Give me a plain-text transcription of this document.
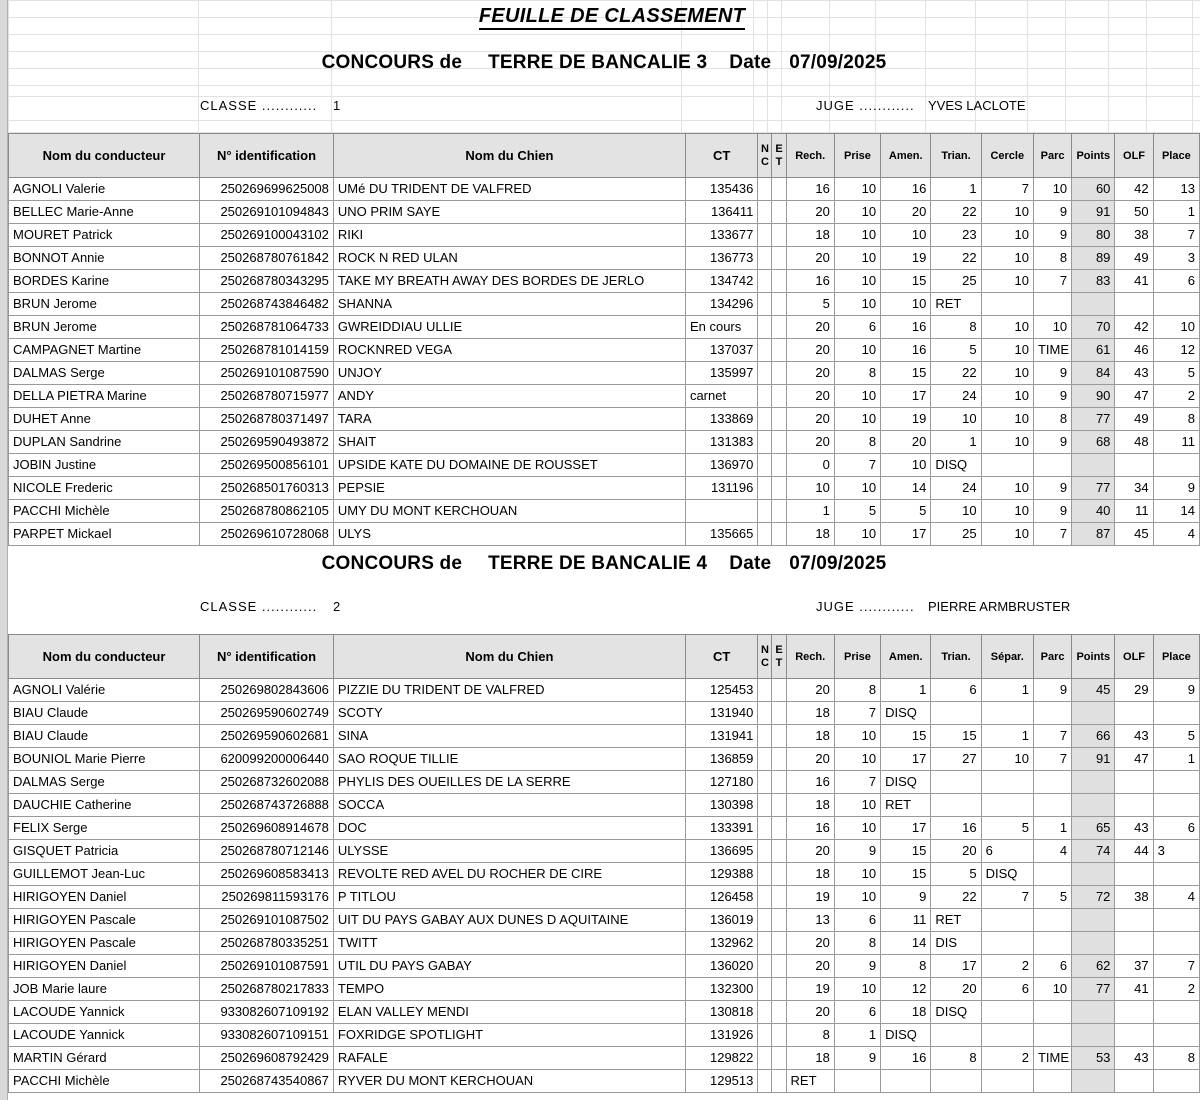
FEUILLE DE CLASSEMENT
CONCOURS de TERRE DE BANCALIE 3 Date 07/09/2025
CLASSE ............ 1	JUGE ............ YVES LACLOTE
Nom du conducteur	N° identification	Nom du Chien	CT	N
C	E
T	Rech.	Prise	Amen.	Trian.	Cercle	Parc	Points	OLF	Place
AGNOLI Valerie	250269699625008	UMé DU TRIDENT DE VALFRED	135436			16	10	16	1	7	10	60	42	13
BELLEC Marie-Anne	250269101094843	UNO PRIM SAYE	136411			20	10	20	22	10	9	91	50	1
MOURET Patrick	250269100043102	RIKI	133677			18	10	10	23	10	9	80	38	7
BONNOT Annie	250268780761842	ROCK N RED ULAN	136773			20	10	19	22	10	8	89	49	3
BORDES Karine	250268780343295	TAKE MY BREATH AWAY DES BORDES DE JERLO	134742			16	10	15	25	10	7	83	41	6
BRUN Jerome	250268743846482	SHANNA	134296			5	10	10	RET					
BRUN Jerome	250268781064733	GWREIDDIAU ULLIE	En cours			20	6	16	8	10	10	70	42	10
CAMPAGNET Martine	250268781014159	ROCKNRED VEGA	137037			20	10	16	5	10	TIME	61	46	12
DALMAS Serge	250269101087590	UNJOY	135997			20	8	15	22	10	9	84	43	5
DELLA PIETRA Marine	250268780715977	ANDY	carnet			20	10	17	24	10	9	90	47	2
DUHET Anne	250268780371497	TARA	133869			20	10	19	10	10	8	77	49	8
DUPLAN Sandrine	250269590493872	SHAIT	131383			20	8	20	1	10	9	68	48	11
JOBIN Justine	250269500856101	UPSIDE KATE DU DOMAINE DE ROUSSET	136970			0	7	10	DISQ					
NICOLE Frederic	250268501760313	PEPSIE	131196			10	10	14	24	10	9	77	34	9
PACCHI Michèle	250268780862105	UMY DU MONT KERCHOUAN				1	5	5	10	10	9	40	11	14
PARPET Mickael	250269610728068	ULYS	135665			18	10	17	25	10	7	87	45	4
CONCOURS de TERRE DE BANCALIE 4 Date 07/09/2025
CLASSE ............ 2	JUGE ............ PIERRE ARMBRUSTER
Nom du conducteur	N° identification	Nom du Chien	CT	N
C	E
T	Rech.	Prise	Amen.	Trian.	Sépar.	Parc	Points	OLF	Place
AGNOLI Valérie	250269802843606	PIZZIE DU TRIDENT DE VALFRED	125453			20	8	1	6	1	9	45	29	9
BIAU Claude	250269590602749	SCOTY	131940			18	7	DISQ						
BIAU Claude	250269590602681	SINA	131941			18	10	15	15	1	7	66	43	5
BOUNIOL Marie Pierre	620099200006440	SAO ROQUE TILLIE	136859			20	10	17	27	10	7	91	47	1
DALMAS Serge	250268732602088	PHYLIS DES OUEILLES DE LA SERRE	127180			16	7	DISQ						
DAUCHIE Catherine	250268743726888	SOCCA	130398			18	10	RET						
FELIX Serge	250269608914678	DOC	133391			16	10	17	16	5	1	65	43	6
GISQUET Patricia	250268780712146	ULYSSE	136695			20	9	15	20	6	4	74	44	3
GUILLEMOT Jean-Luc	250269608583413	REVOLTE RED AVEL DU ROCHER DE CIRE	129388			18	10	15	5	DISQ				
HIRIGOYEN Daniel	250269811593176	P TITLOU	126458			19	10	9	22	7	5	72	38	4
HIRIGOYEN Pascale	250269101087502	UIT DU PAYS GABAY AUX DUNES D AQUITAINE	136019			13	6	11	RET					
HIRIGOYEN Pascale	250268780335251	TWITT	132962			20	8	14	DIS					
HIRIGOYEN Daniel	250269101087591	UTIL DU PAYS GABAY	136020			20	9	8	17	2	6	62	37	7
JOB Marie laure	250268780217833	TEMPO	132300			19	10	12	20	6	10	77	41	2
LACOUDE Yannick	933082607109192	ELAN VALLEY MENDI	130818			20	6	18	DISQ					
LACOUDE Yannick	933082607109151	FOXRIDGE SPOTLIGHT	131926			8	1	DISQ						
MARTIN Gérard	250269608792429	RAFALE	129822			18	9	16	8	2	TIME	53	43	8
PACCHI Michèle	250268743540867	RYVER DU MONT KERCHOUAN	129513			RET								
